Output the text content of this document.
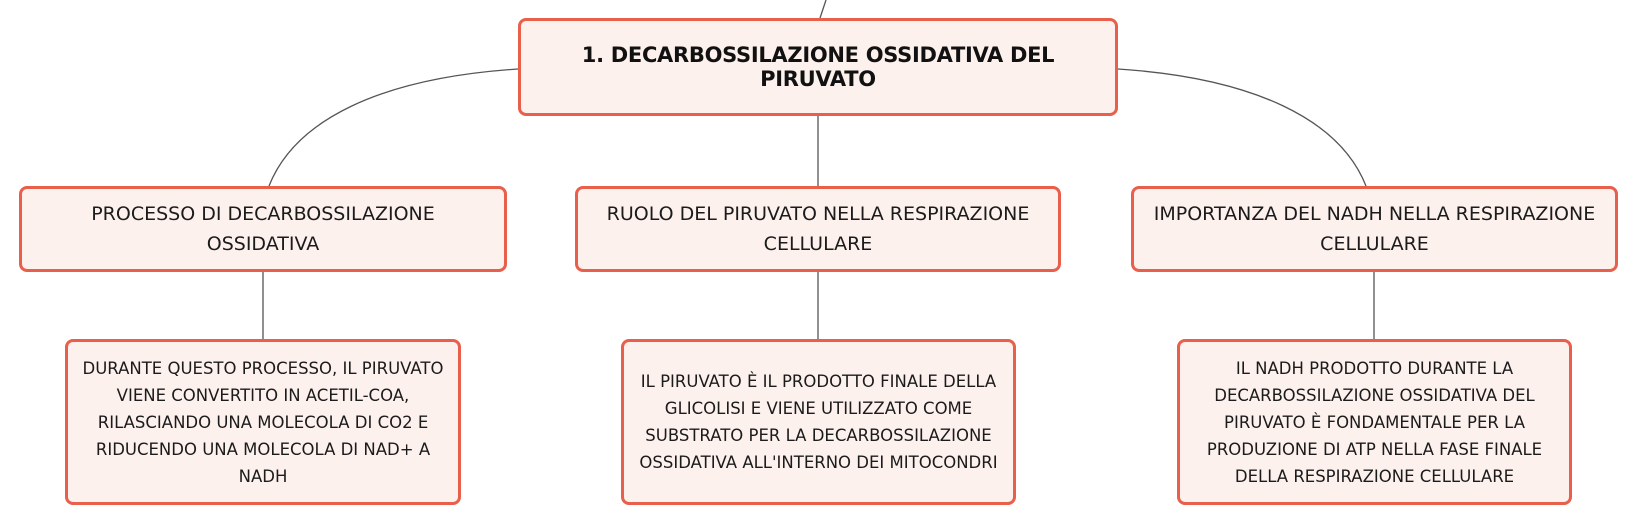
1. DECARBOSSILAZIONE OSSIDATIVA DEL PIRUVATO
PROCESSO DI DECARBOSSILAZIONE OSSIDATIVA
RUOLO DEL PIRUVATO NELLA RESPIRAZIONE CELLULARE
IMPORTANZA DEL NADH NELLA RESPIRAZIONE CELLULARE
DURANTE QUESTO PROCESSO, IL PIRUVATO VIENE CONVERTITO IN ACETIL-COA, RILASCIANDO UNA MOLECOLA DI CO2 E RIDUCENDO UNA MOLECOLA DI NAD+ A NADH
IL PIRUVATO È IL PRODOTTO FINALE DELLA GLICOLISI E VIENE UTILIZZATO COME SUBSTRATO PER LA DECARBOSSILAZIONE OSSIDATIVA ALL'INTERNO DEI MITOCONDRI
IL NADH PRODOTTO DURANTE LA DECARBOSSILAZIONE OSSIDATIVA DEL PIRUVATO È FONDAMENTALE PER LA PRODUZIONE DI ATP NELLA FASE FINALE DELLA RESPIRAZIONE CELLULARE
